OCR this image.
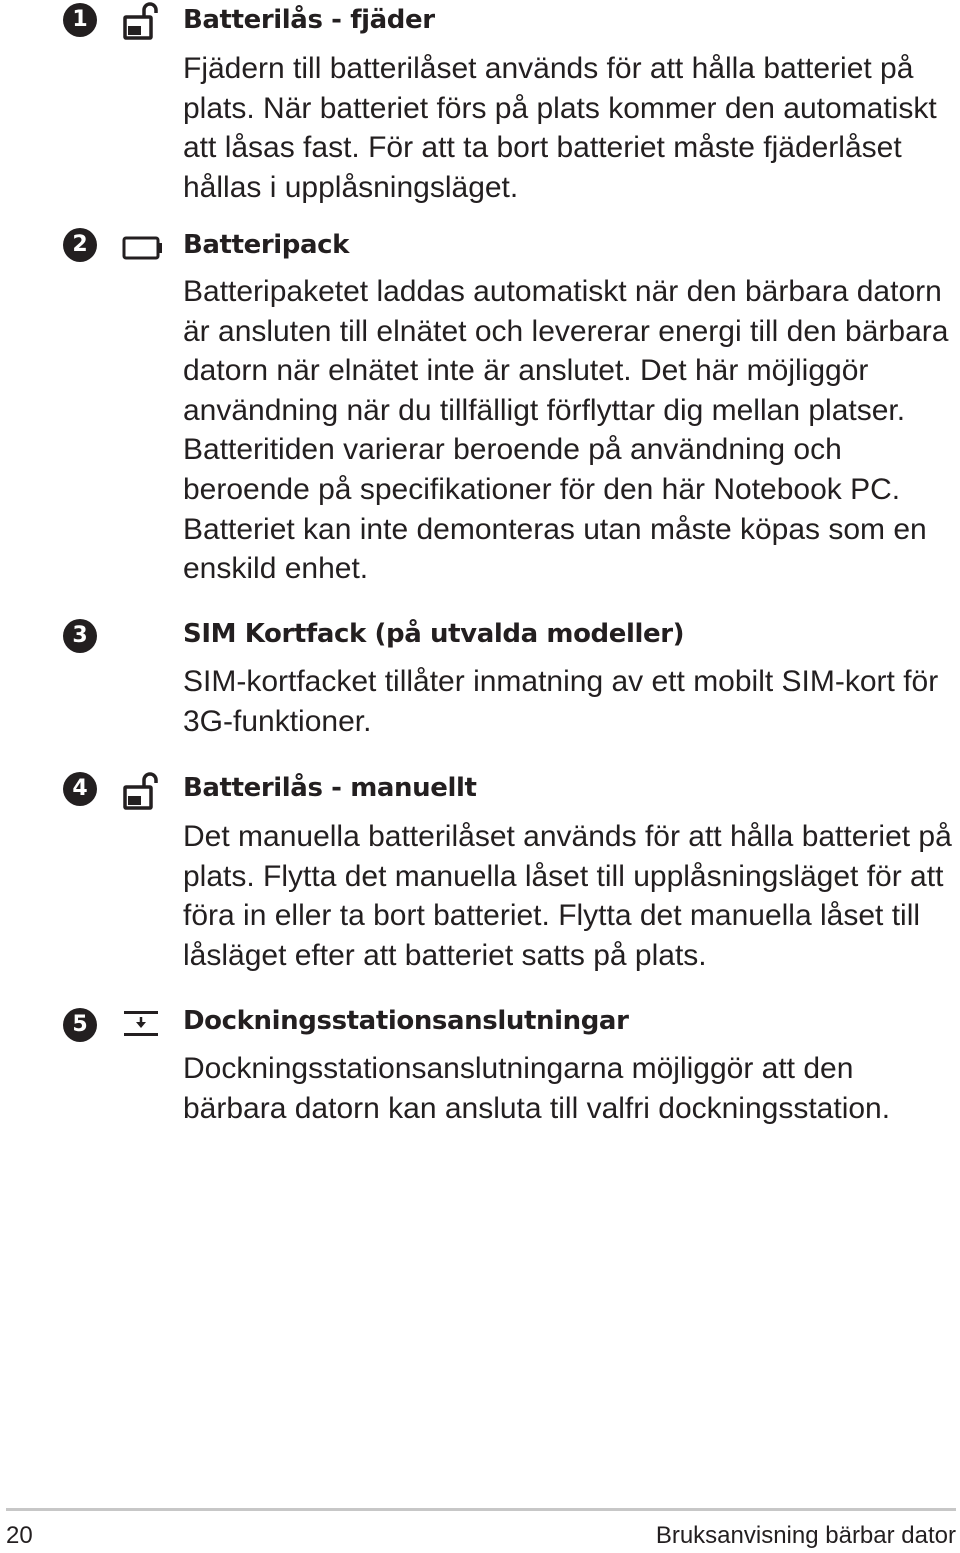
1	Batterilås - fjäder

Fjädern till batterilåset används för att hålla batteriet på plats. När batteriet förs på plats kommer den automatiskt att låsas fast. För att ta bort batteriet måste fjäderlåset hållas i upplåsningsläget.

2	Batteripack

Batteripaketet laddas automatiskt när den bärbara datorn är ansluten till elnätet och levererar energi till den bärbara datorn när elnätet inte är anslutet. Det här möjliggör användning när du tillfälligt förflyttar dig mellan platser. Batteritiden varierar beroende på användning och beroende på specifikationer för den här Notebook PC. Batteriet kan inte demonteras utan måste köpas som en enskild enhet.

3	SIM Kortfack (på utvalda modeller)

SIM-kortfacket tillåter inmatning av ett mobilt SIM-kort för 3G-funktioner.

4	Batterilås - manuellt

Det manuella batterilåset används för att hålla batteriet på plats. Flytta det manuella låset till upplåsningsläget för att föra in eller ta bort batteriet. Flytta det manuella låset till låsläget efter att batteriet satts på plats.

5	Dockningsstationsanslutningar

Dockningsstationsanslutningarna möjliggör att den bärbara datorn kan ansluta till valfri dockningsstation.

20	Bruksanvisning bärbar dator
